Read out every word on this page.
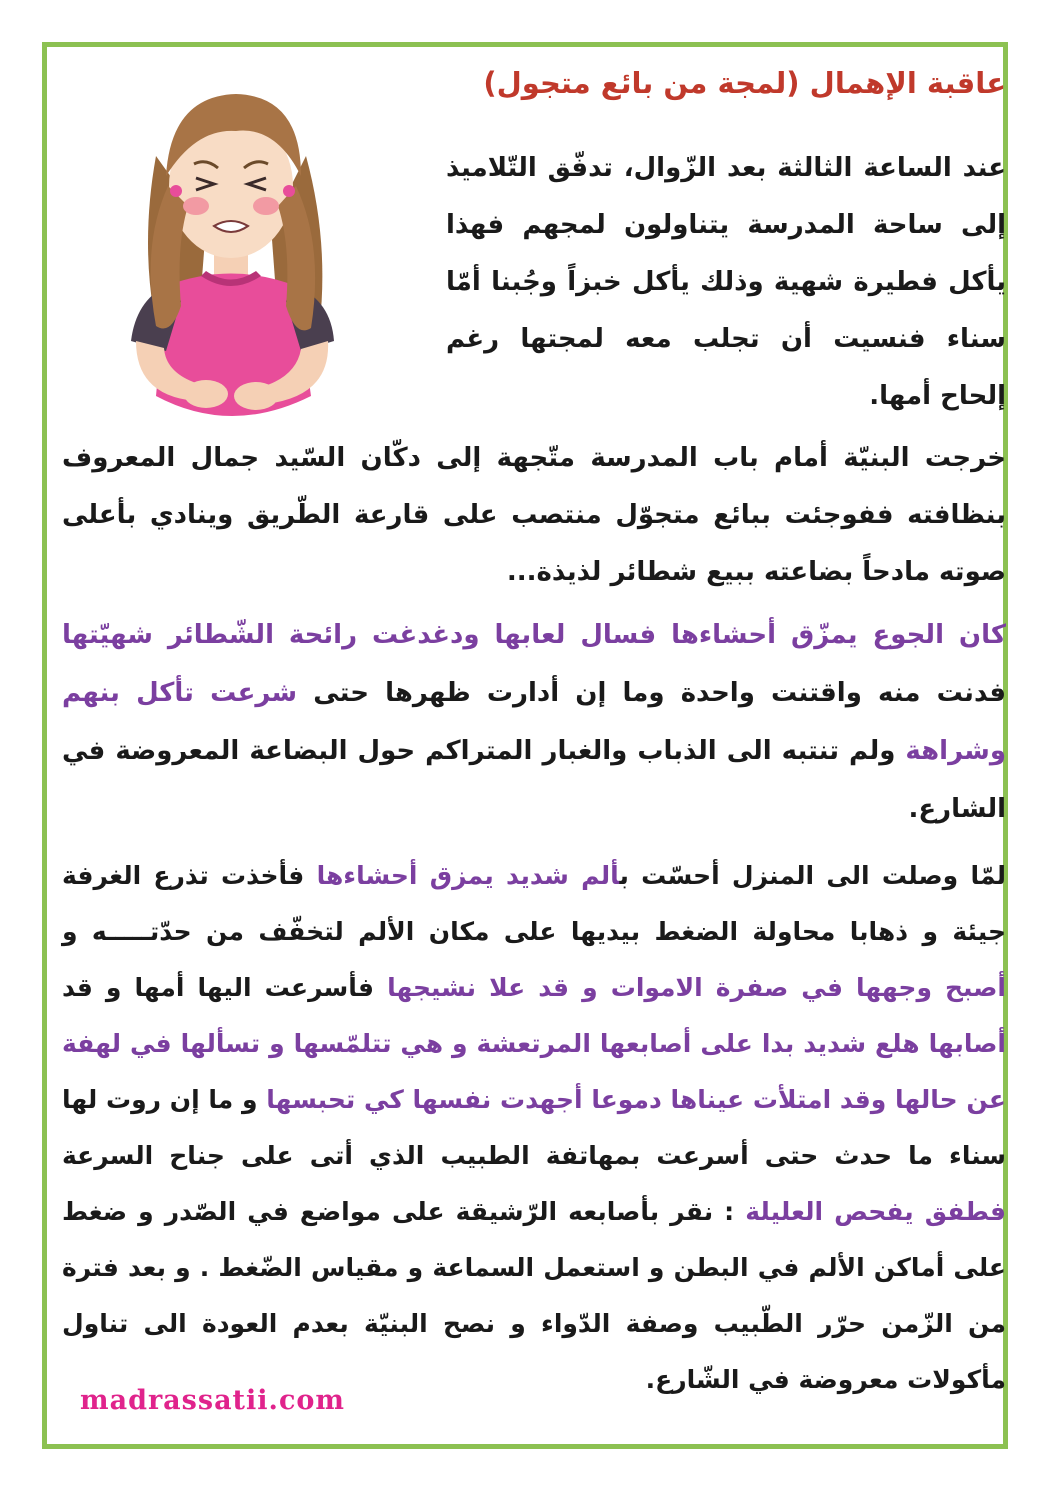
عاقبة الإهمال (لمجة من بائع متجول)

عند الساعة الثالثة بعد الزّوال، تدفّق التّلاميذ إلى ساحة المدرسة يتناولون لمجهم فهذا يأكل فطيرة شهية وذلك يأكل خبزاً وجُبنا أمّا سناء فنسيت أن تجلب معه لمجتها رغم إلحاح أمها.

خرجت البنيّة أمام باب المدرسة متّجهة إلى دكّان السّيد جمال المعروف بنظافته ففوجئت ببائع متجوّل منتصب على قارعة الطّريق وينادي بأعلى صوته مادحاً بضاعته ببيع شطائر لذيذة...

كان الجوع يمزّق أحشاءها فسال لعابها ودغدغت رائحة الشّطائر شهيّتها فدنت منه واقتنت واحدة وما إن أدارت ظهرها حتى شرعت تأكل بنهم وشراهة ولم تنتبه الى الذباب والغبار المتراكم حول البضاعة المعروضة في الشارع.

لمّا وصلت الى المنزل أحسّت بألم شديد يمزق أحشاءها فأخذت تذرع الغرفة جيئة و ذهابا محاولة الضغط بيديها على مكان الألم لتخفّف من حدّتـــــه و أصبح وجهها في صفرة الاموات و قد علا نشيجها فأسرعت اليها أمها و قد أصابها هلع شديد بدا على أصابعها المرتعشة و هي تتلمّسها و تسألها في لهفة عن حالها وقد امتلأت عيناها دموعا أجهدت نفسها كي تحبسها و ما إن روت لها سناء ما حدث حتى أسرعت بمهاتفة الطبيب الذي أتى على جناح السرعة فطفق يفحص العليلة : نقر بأصابعه الرّشيقة على مواضع في الصّدر و ضغط على أماكن الألم في البطن و استعمل السماعة و مقياس الضّغط . و بعد فترة من الزّمن حرّر الطّبيب وصفة الدّواء و نصح البنيّة بعدم العودة الى تناول مأكولات معروضة في الشّارع.

madrassatii.com
